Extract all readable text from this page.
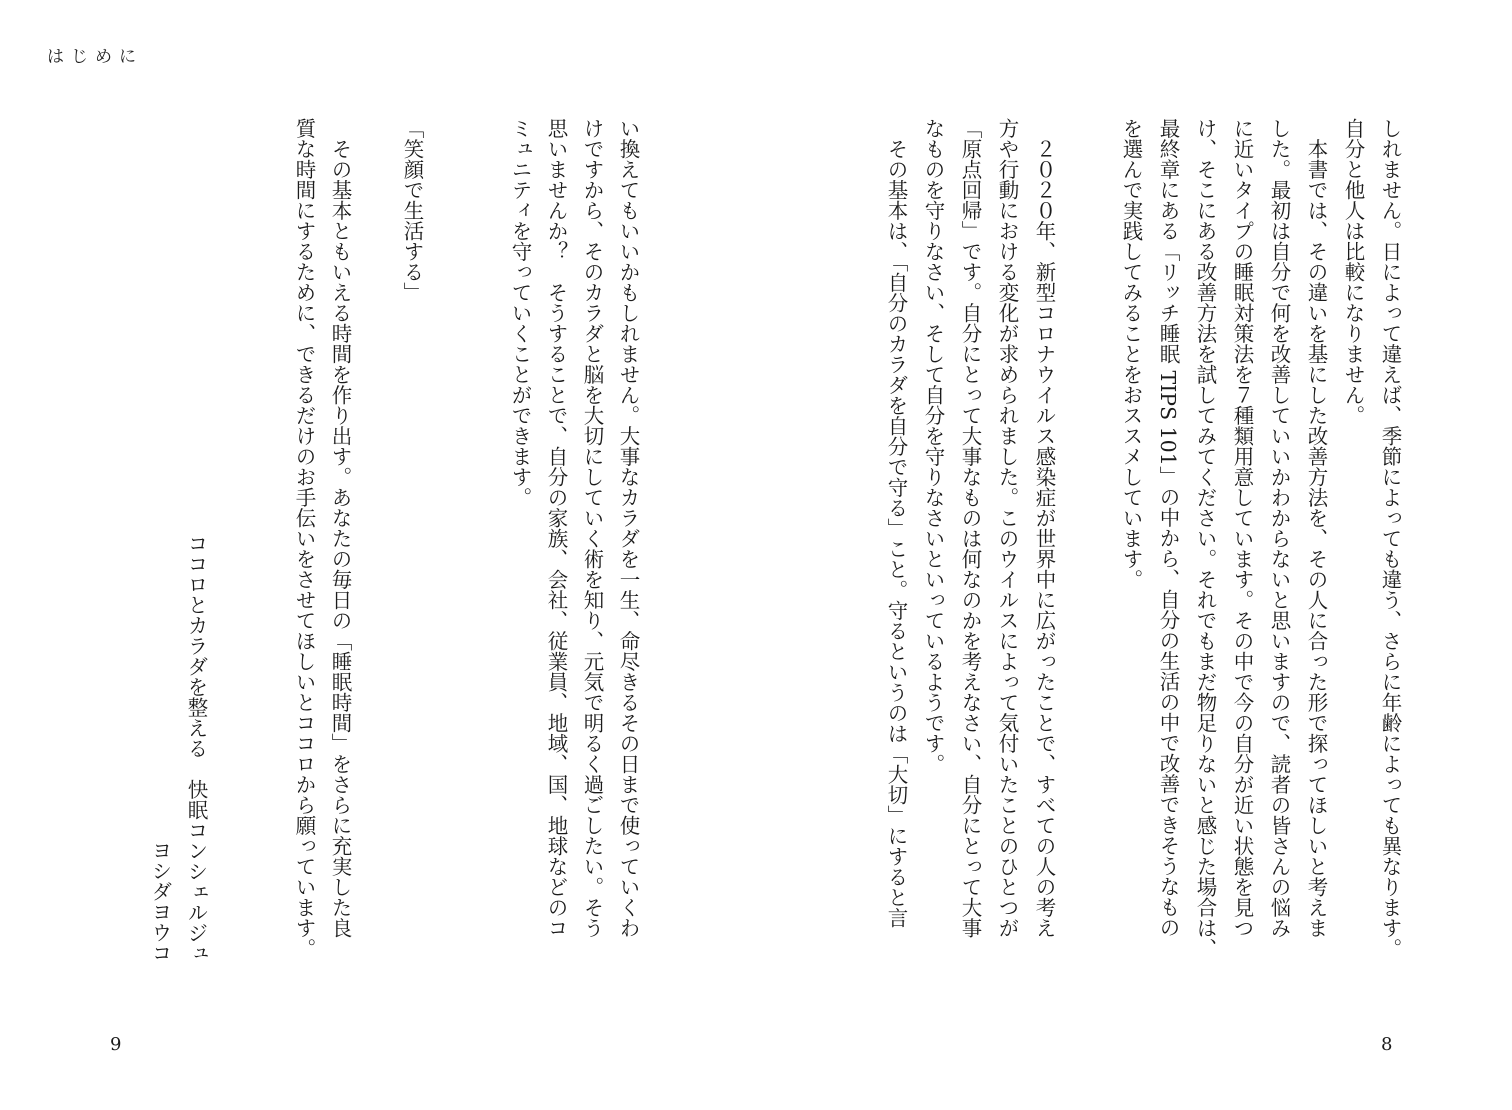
はじめに
しれません。日によって違えば、季節によっても違う、さらに年齢によっても異なります。
自分と他人は比較になりません。
　本書では、その違いを基にした改善方法を、その人に合った形で探ってほしいと考えま
した。最初は自分で何を改善していいかわからないと思いますので、読者の皆さんの悩み
に近いタイプの睡眠対策法を７種類用意しています。その中で今の自分が近い状態を見つ
け、そこにある改善方法を試してみてください。それでもまだ物足りないと感じた場合は、
最終章にある「リッチ睡眠 TIPS 101」の中から、自分の生活の中で改善できそうなもの
を選んで実践してみることをおススメしています。

　２０２０年、新型コロナウイルス感染症が世界中に広がったことで、すべての人の考え
方や行動における変化が求められました。このウイルスによって気付いたことのひとつが
「原点回帰」です。自分にとって大事なものは何なのかを考えなさい、自分にとって大事
なものを守りなさい、そして自分を守りなさいといっているようです。
　その基本は、「自分のカラダを自分で守る」こと。守るというのは「大切」にすると言
い換えてもいいかもしれません。大事なカラダを一生、命尽きるその日まで使っていくわ
けですから、そのカラダと脳を大切にしていく術を知り、元気で明るく過ごしたい。そう
思いませんか？　そうすることで、自分の家族、会社、従業員、地域、国、地球などのコ
ミュニティを守っていくことができます。

「笑顔で生活する」

　その基本ともいえる時間を作り出す。あなたの毎日の「睡眠時間」をさらに充実した良
質な時間にするために、できるだけのお手伝いをさせてほしいとココロから願っています。

ココロとカラダを整える　快眠コンシェルジュ
ヨシダヨウコ
8
9
